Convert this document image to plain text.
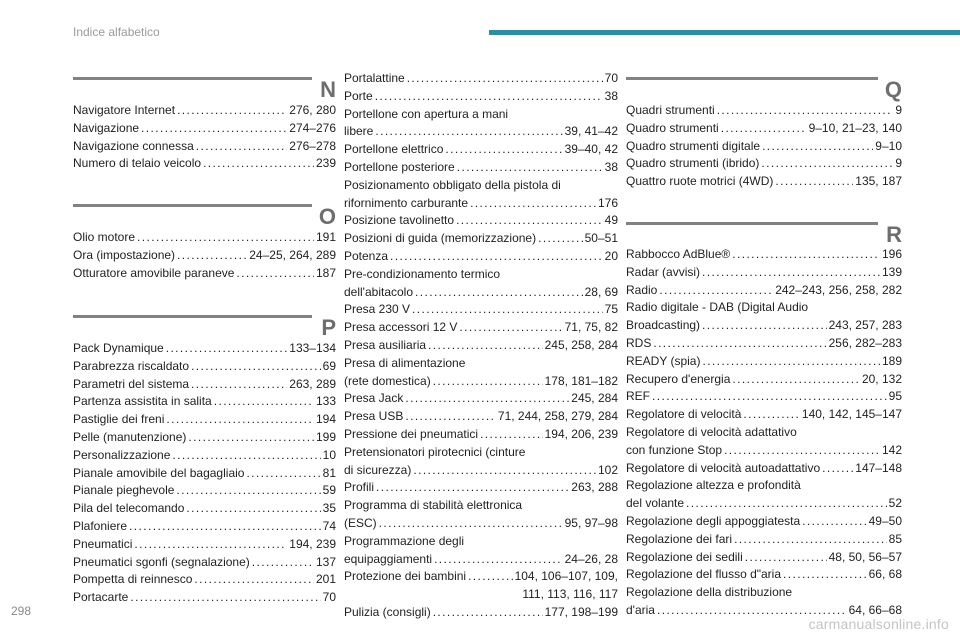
Indice alfabetico
N
Navigatore Internet .....	276, 280
Navigazione .....	274–276
Navigazione connessa .....	276–278
Numero di telaio veicolo .....	239
O
Olio motore .....	191
Ora (impostazione) .....	24–25, 264, 289
Otturatore amovibile paraneve .....	187
P
Pack Dynamique .....	133–134
Parabrezza riscaldato .....	69
Parametri del sistema .....	263, 289
Partenza assistita in salita .....	133
Pastiglie dei freni .....	194
Pelle (manutenzione) .....	199
Personalizzazione .....	10
Pianale amovibile del bagagliaio .....	81
Pianale pieghevole .....	59
Pila del telecomando .....	35
Plafoniere .....	74
Pneumatici .....	194, 239
Pneumatici sgonfi (segnalazione) .....	137
Pompetta di reinnesco .....	201
Portacarte .....	70
Portalattine .....	70
Porte .....	38
Portellone con apertura a mani
libere .....	39, 41–42
Portellone elettrico .....	39–40, 42
Portellone posteriore .....	38
Posizionamento obbligato della pistola di
rifornimento carburante .....	176
Posizione tavolinetto .....	49
Posizioni di guida (memorizzazione) .....	50–51
Potenza .....	20
Pre-condizionamento termico
dell'abitacolo .....	28, 69
Presa 230 V .....	75
Presa accessori 12 V .....	71, 75, 82
Presa ausiliaria .....	245, 258, 284
Presa di alimentazione
(rete domestica) .....	178, 181–182
Presa Jack .....	245, 284
Presa USB .....	71, 244, 258, 279, 284
Pressione dei pneumatici .....	194, 206, 239
Pretensionatori pirotecnici (cinture
di sicurezza) .....	102
Profili .....	263, 288
Programma di stabilità elettronica
(ESC) .....	95, 97–98
Programmazione degli
equipaggiamenti .....	24–26, 28
Protezione dei bambini .....	104, 106–107, 109,
111, 113, 116, 117
Pulizia (consigli) .....	177, 198–199
Q
Quadri strumenti .....	9
Quadro strumenti .....	9–10, 21–23, 140
Quadro strumenti digitale .....	9–10
Quadro strumenti (ibrido) .....	9
Quattro ruote motrici (4WD) .....	135, 187
R
Rabbocco AdBlue® .....	196
Radar (avvisi) .....	139
Radio .....	242–243, 256, 258, 282
Radio digitale - DAB (Digital Audio
Broadcasting) .....	243, 257, 283
RDS .....	256, 282–283
READY (spia) .....	189
Recupero d'energia .....	20, 132
REF .....	95
Regolatore di velocità .....	140, 142, 145–147
Regolatore di velocità adattativo
con funzione Stop .....	142
Regolatore di velocità autoadattativo .....	147–148
Regolazione altezza e profondità
del volante .....	52
Regolazione degli appoggiatesta .....	49–50
Regolazione dei fari .....	85
Regolazione dei sedili .....	48, 50, 56–57
Regolazione del flusso d"aria .....	66, 68
Regolazione della distribuzione
d'aria .....	64, 66–68
298
carmanualsonline.info
